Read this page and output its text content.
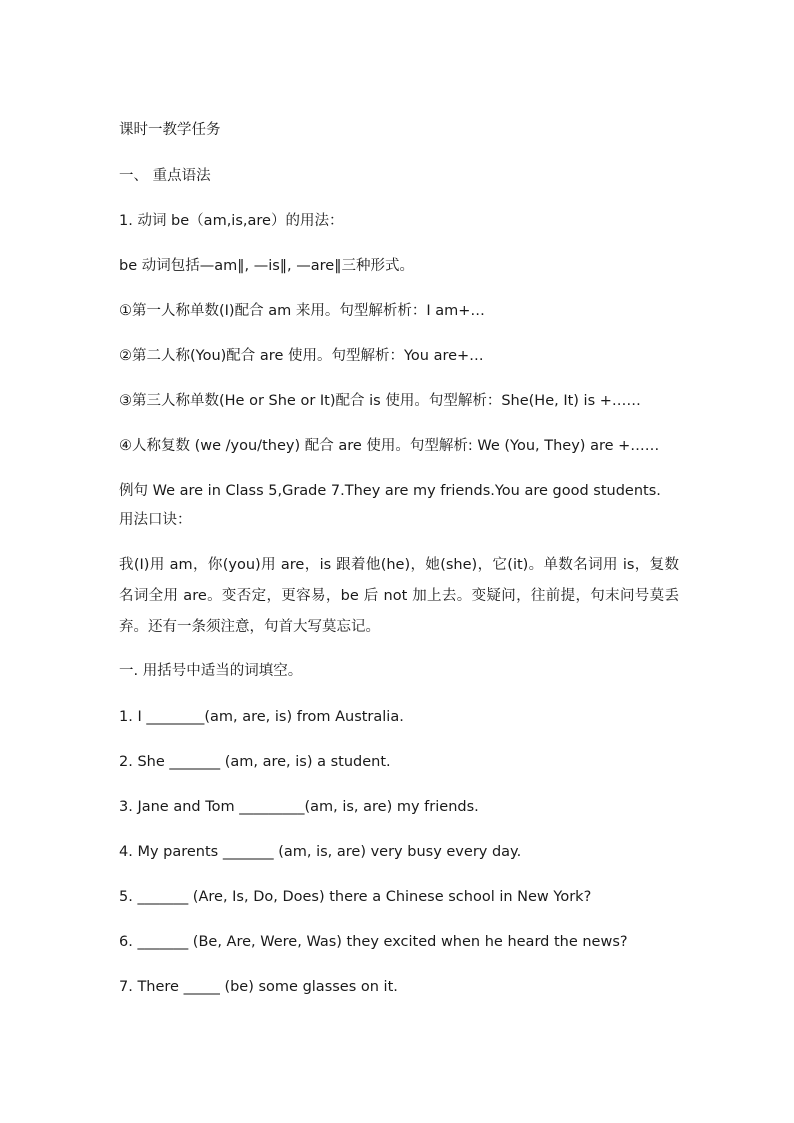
课时一教学任务
一、 重点语法
1. 动词 be（am,is,are）的用法：
be 动词包括—am‖, —is‖, —are‖三种形式。
①第一人称单数(I)配合 am 来用。句型解析析：I am+…
②第二人称(You)配合 are 使用。句型解析：You are+…
③第三人称单数(He or She or It)配合 is 使用。句型解析：She(He, It) is +……
④人称复数 (we /you/they) 配合 are 使用。句型解析: We (You, They) are +……
例句 We are in Class 5,Grade 7.They are my friends.You are good students.
用法口诀：
我(I)用 am，你(you)用 are，is 跟着他(he)，她(she)，它(it)。单数名词用 is，复数名词全用 are。变否定，更容易，be 后 not 加上去。变疑问，往前提，句末问号莫丢弃。还有一条须注意，句首大写莫忘记。
一. 用括号中适当的词填空。
1. I ________(am, are, is) from Australia.
2. She _______ (am, are, is) a student.
3. Jane and Tom _________(am, is, are) my friends.
4. My parents _______ (am, is, are) very busy every day.
5. _______ (Are, Is, Do, Does) there a Chinese school in New York?
6. _______ (Be, Are, Were, Was) they excited when he heard the news?
7. There _____ (be) some glasses on it.
